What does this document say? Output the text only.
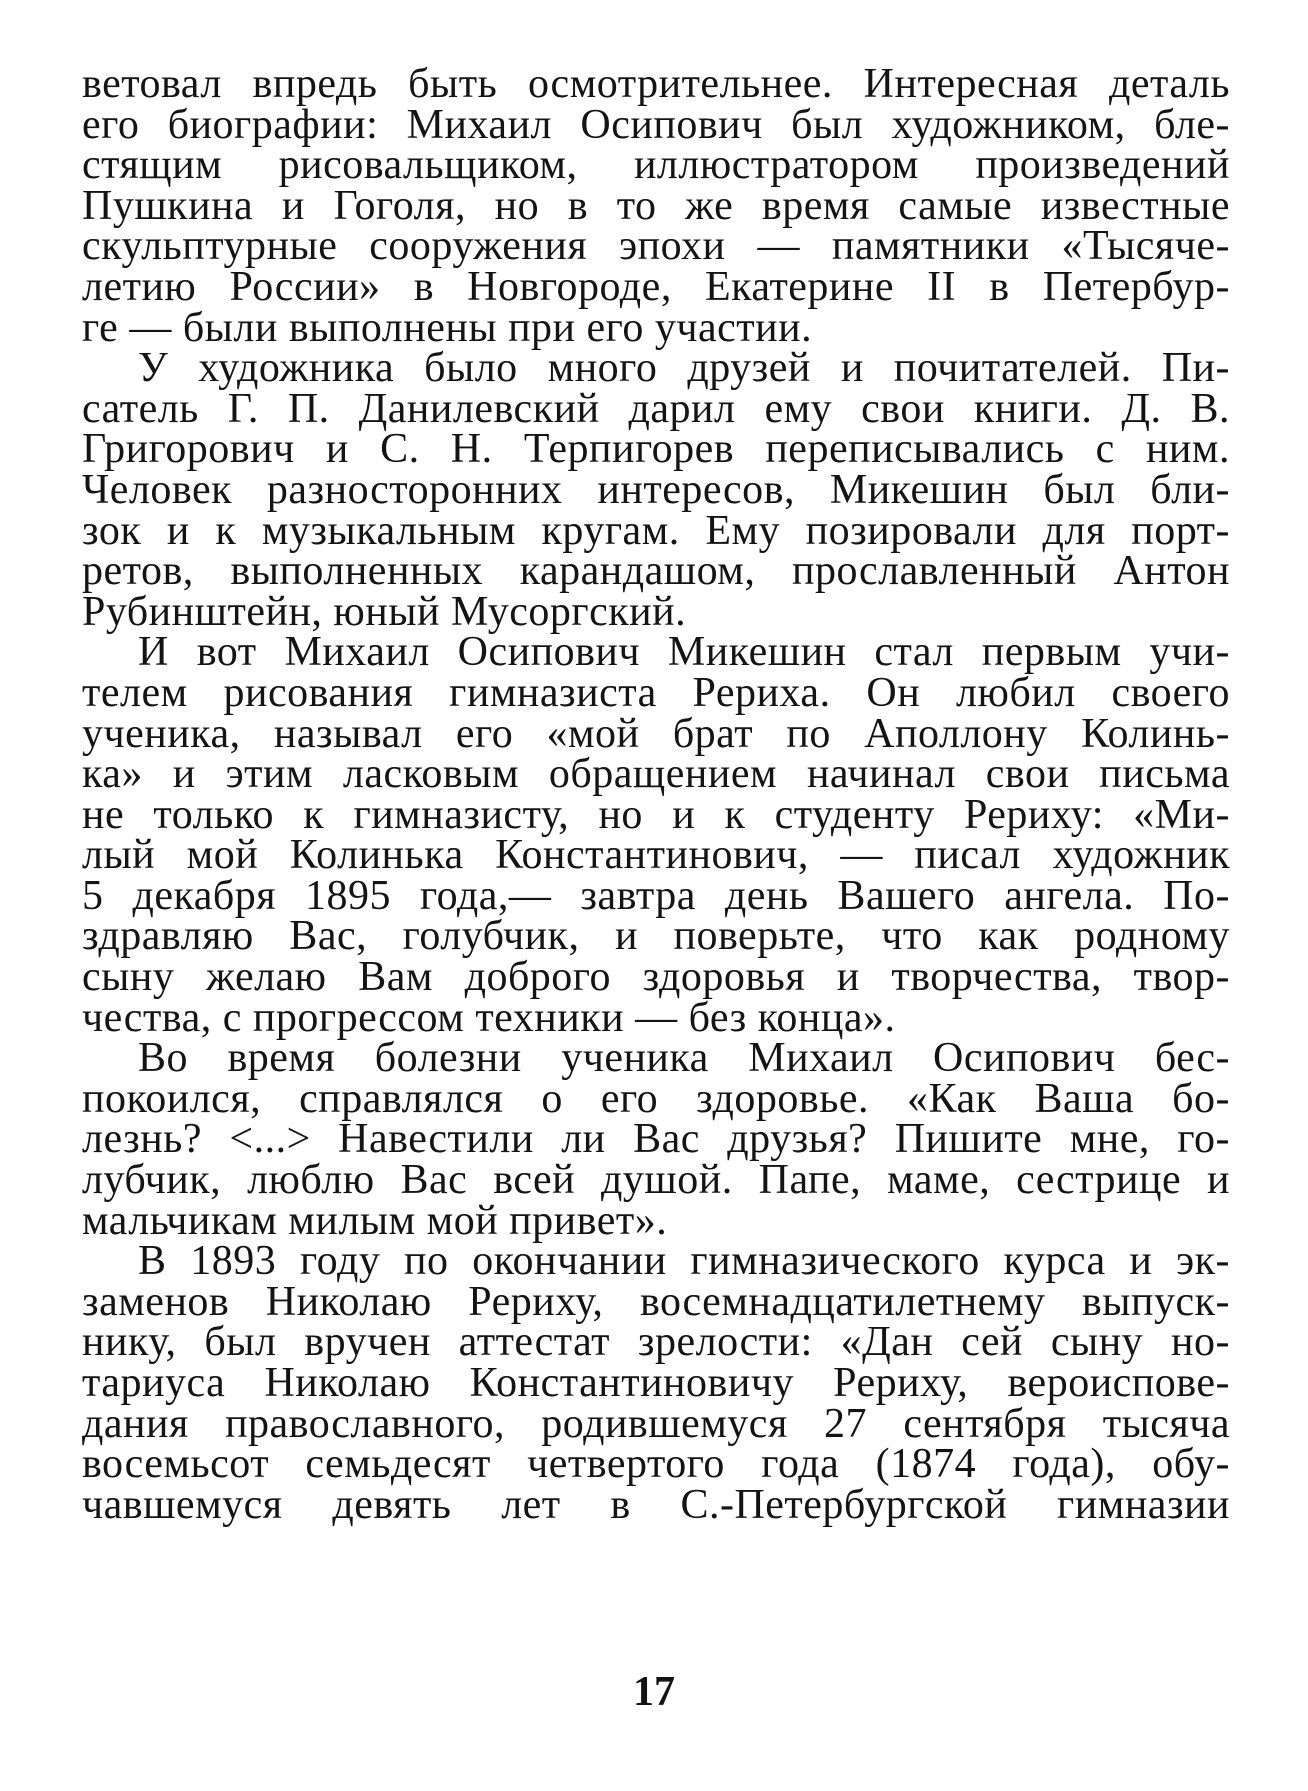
ветовал впредь быть осмотрительнее. Интересная деталь
его биографии: Михаил Осипович был художником, бле-
стящим рисовальщиком, иллюстратором произведений
Пушкина и Гоголя, но в то же время самые известные
скульптурные сооружения эпохи — памятники «Тысяче-
летию России» в Новгороде, Екатерине II в Петербур-
ге — были выполнены при его участии.
У художника было много друзей и почитателей. Пи-
сатель Г. П. Данилевский дарил ему свои книги. Д. В.
Григорович и С. Н. Терпигорев переписывались с ним.
Человек разносторонних интересов, Микешин был бли-
зок и к музыкальным кругам. Ему позировали для порт-
ретов, выполненных карандашом, прославленный Антон
Рубинштейн, юный Мусоргский.
И вот Михаил Осипович Микешин стал первым учи-
телем рисования гимназиста Рериха. Он любил своего
ученика, называл его «мой брат по Аполлону Колинь-
ка» и этим ласковым обращением начинал свои письма
не только к гимназисту, но и к студенту Рериху: «Ми-
лый мой Колинька Константинович, — писал художник
5 декабря 1895 года,— завтра день Вашего ангела. По-
здравляю Вас, голубчик, и поверьте, что как родному
сыну желаю Вам доброго здоровья и творчества, твор-
чества, с прогрессом техники — без конца».
Во время болезни ученика Михаил Осипович бес-
покоился, справлялся о его здоровье. «Как Ваша бо-
лезнь? <...> Навестили ли Вас друзья? Пишите мне, го-
лубчик, люблю Вас всей душой. Папе, маме, сестрице и
мальчикам милым мой привет».
В 1893 году по окончании гимназического курса и эк-
заменов Николаю Рериху, восемнадцатилетнему выпуск-
нику, был вручен аттестат зрелости: «Дан сей сыну но-
тариуса Николаю Константиновичу Рериху, вероиспове-
дания православного, родившемуся 27 сентября тысяча
восемьсот семьдесят четвертого года (1874 года), обу-
чавшемуся девять лет в С.-Петербургской гимназии
17
